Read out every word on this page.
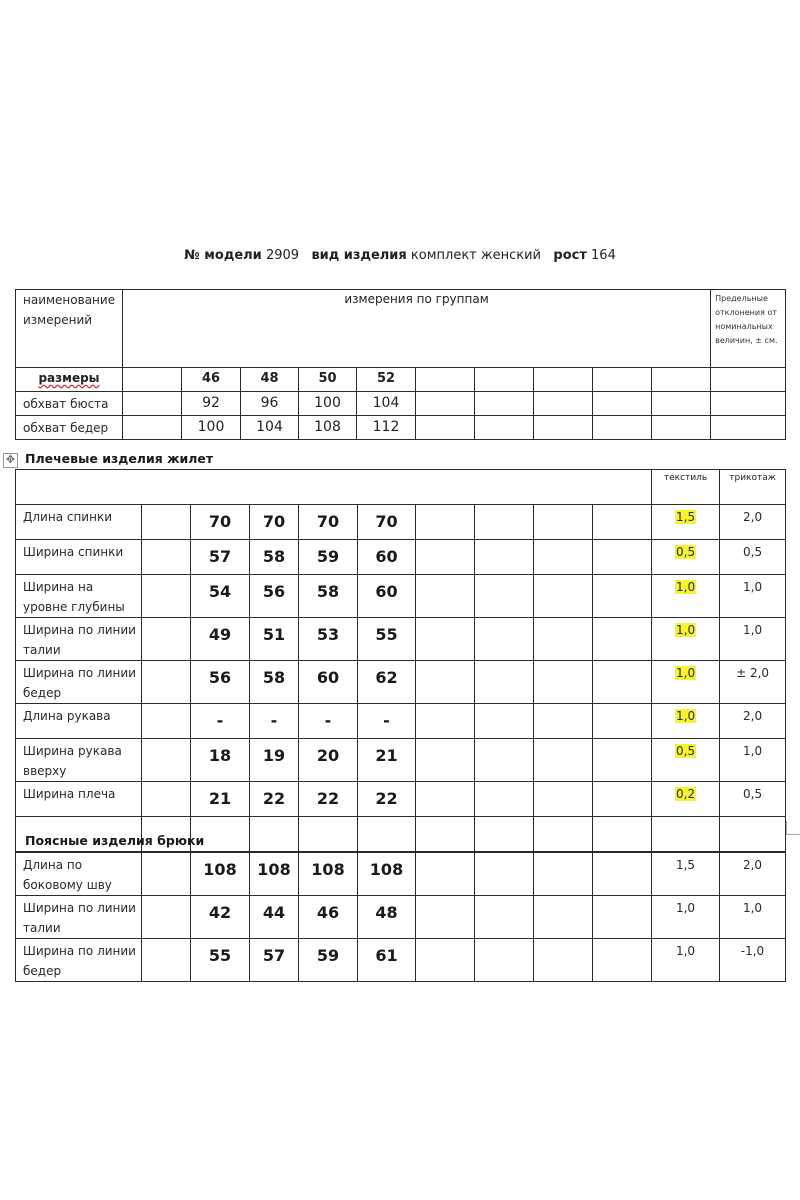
№ модели 2909 вид изделия комплект женский рост 164
наименование измерений	измерения по группам										Предельные отклонения от номинальных величин, ± см.
размеры		46	48	50	52						
обхват бюста		92	96	100	104						
обхват бедер		100	104	108	112						
✥ Плечевые изделия жилет
										текстиль	трикотаж
Длина спинки		70	70	70	70					1,5	2,0
Ширина спинки		57	58	59	60					0,5	0,5
Ширина на уровне глубины		54	56	58	60					1,0	1,0
Ширина по линии талии		49	51	53	55					1,0	1,0
Ширина по линии бедер		56	58	60	62					1,0	± 2,0
Длина рукава		-	-	-	-					1,0	2,0
Ширина рукава вверху		18	19	20	21					0,5	1,0
Ширина плеча		21	22	22	22					0,2	0,5

Поясные изделия брюки
Длина по боковому шву		108	108	108	108					1,5	2,0
Ширина по линии талии		42	44	46	48					1,0	1,0
Ширина по линии бедер		55	57	59	61					1,0	-1,0
